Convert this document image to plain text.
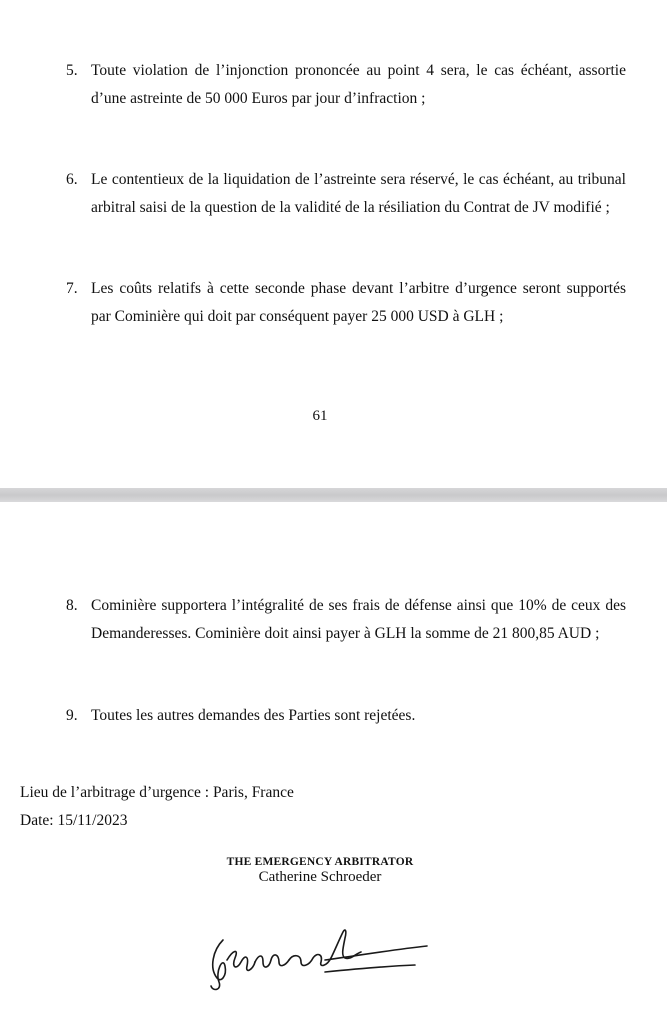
5. Toute violation de l’injonction prononcée au point 4 sera, le cas échéant, assortie d’une astreinte de 50 000 Euros par jour d’infraction ;
6. Le contentieux de la liquidation de l’astreinte sera réservé, le cas échéant, au tribunal arbitral saisi de la question de la validité de la résiliation du Contrat de JV modifié ;
7. Les coûts relatifs à cette seconde phase devant l’arbitre d’urgence seront supportés par Cominière qui doit par conséquent payer 25 000 USD à GLH ;
61
8. Cominière supportera l’intégralité de ses frais de défense ainsi que 10% de ceux des Demanderesses. Cominière doit ainsi payer à GLH la somme de 21 800,85 AUD ;
9. Toutes les autres demandes des Parties sont rejetées.
Lieu de l’arbitrage d’urgence : Paris, France
Date: 15/11/2023
THE EMERGENCY ARBITRATOR
Catherine Schroeder
